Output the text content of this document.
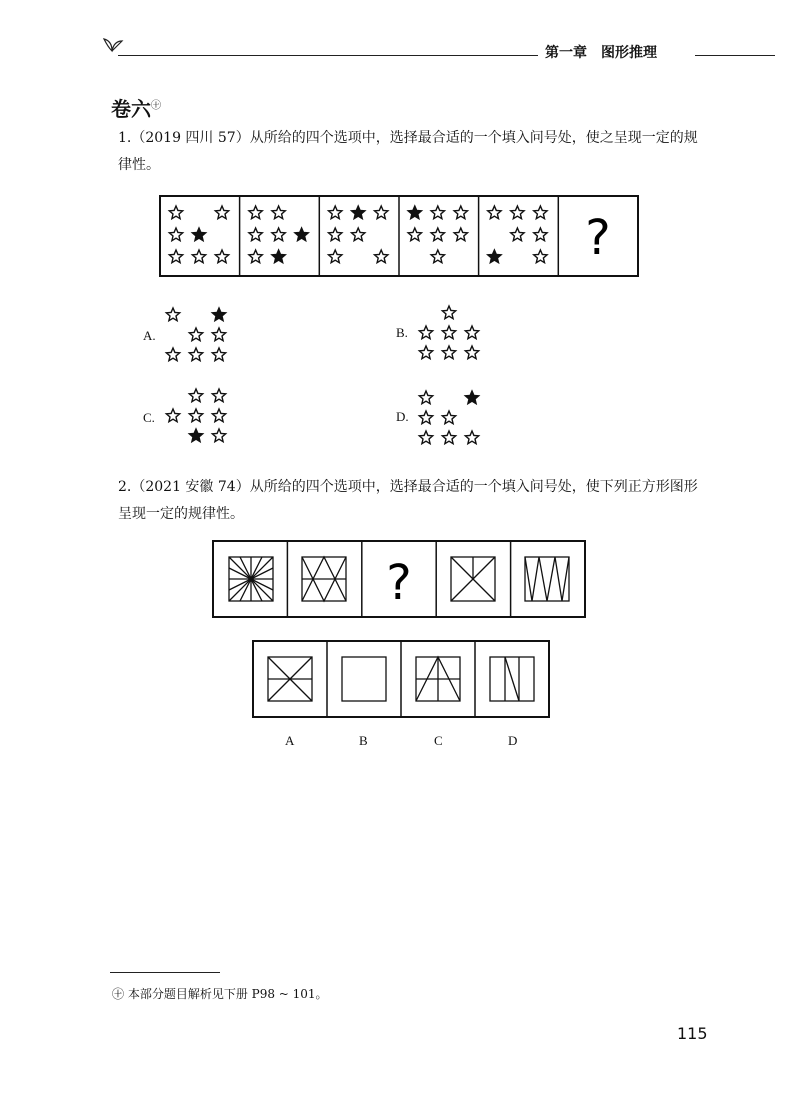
第一章　图形推理
卷六$^㊉$
1.（2019 四川 57）从所给的四个选项中，选择最合适的一个填入问号处，使之呈现一定的规律性。
?
A.	B.
C.	D.
2.（2021 安徽 74）从所给的四个选项中，选择最合适的一个填入问号处，使下列正方形图形呈现一定的规律性。
?
A	B	C	D
㊉ 本部分题目解析见下册 P98 ~ 101。
115
